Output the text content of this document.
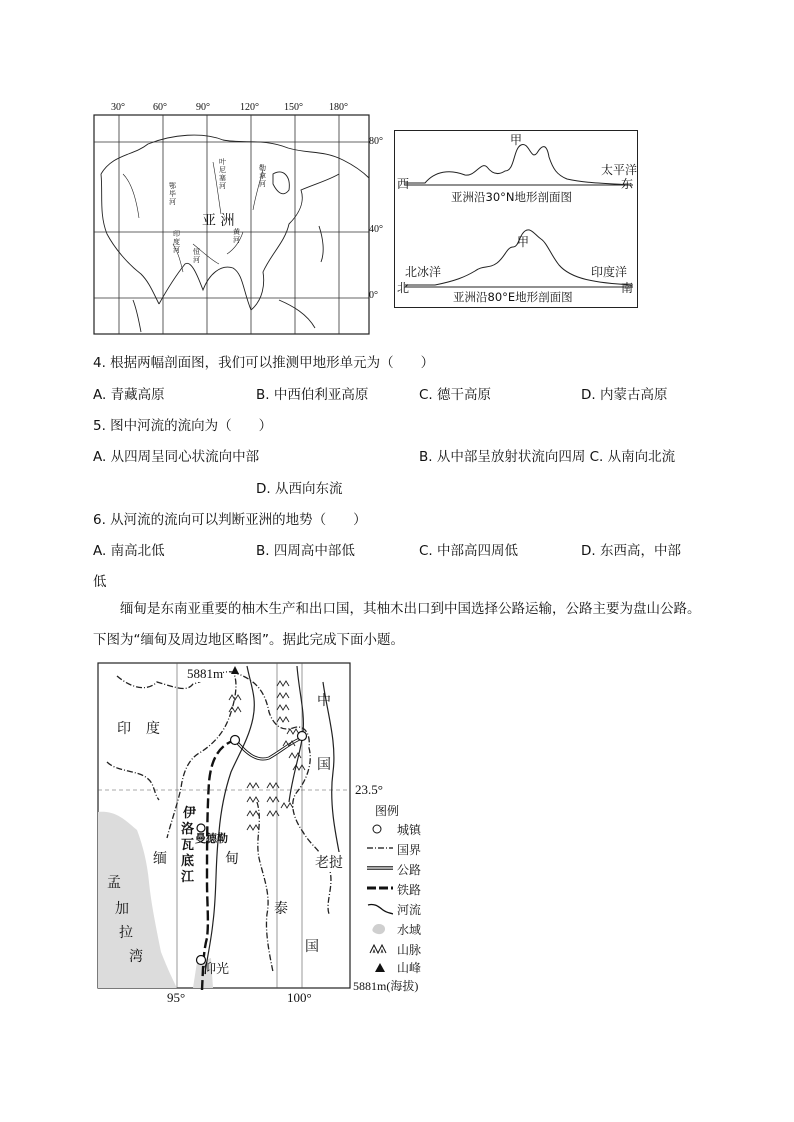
30°	60°	90°	120°	150°	180°
80°
40°
0°
亚 洲
鄂毕河
叶尼塞河
勒拿河
印度河 恒河
黄河
甲
西
太平洋
东
亚洲沿30°N地形剖面图
甲
北冰洋	印度洋
北	南
亚洲沿80°E地形剖面图
4. 根据两幅剖面图，我们可以推测甲地形单元为（　　）
A. 青藏高原	B. 中西伯利亚高原	C. 德干高原	D. 内蒙古高原
5. 图中河流的流向为（　　）
A. 从四周呈同心状流向中部	B. 从中部呈放射状流向四周 C. 从南向北流
D. 从西向东流
6. 从河流的流向可以判断亚洲的地势（　　）
A. 南高北低	B. 四周高中部低	C. 中部高四周低	D. 东西高，中部
低
缅甸是东南亚重要的柚木生产和出口国，其柚木出口到中国选择公路运输，公路主要为盘山公路。下图为“缅甸及周边地区略图”。据此完成下面小题。
5881m
印 度
中
国
缅	甸
泰
国
老挝
孟
加
拉
湾
伊
洛
瓦
底
江
曼德勒
仰光
23.5°
95°	100°
图例
城镇
国界
公路
铁路
河流
水域
山脉
山峰
5881m(海拔)
